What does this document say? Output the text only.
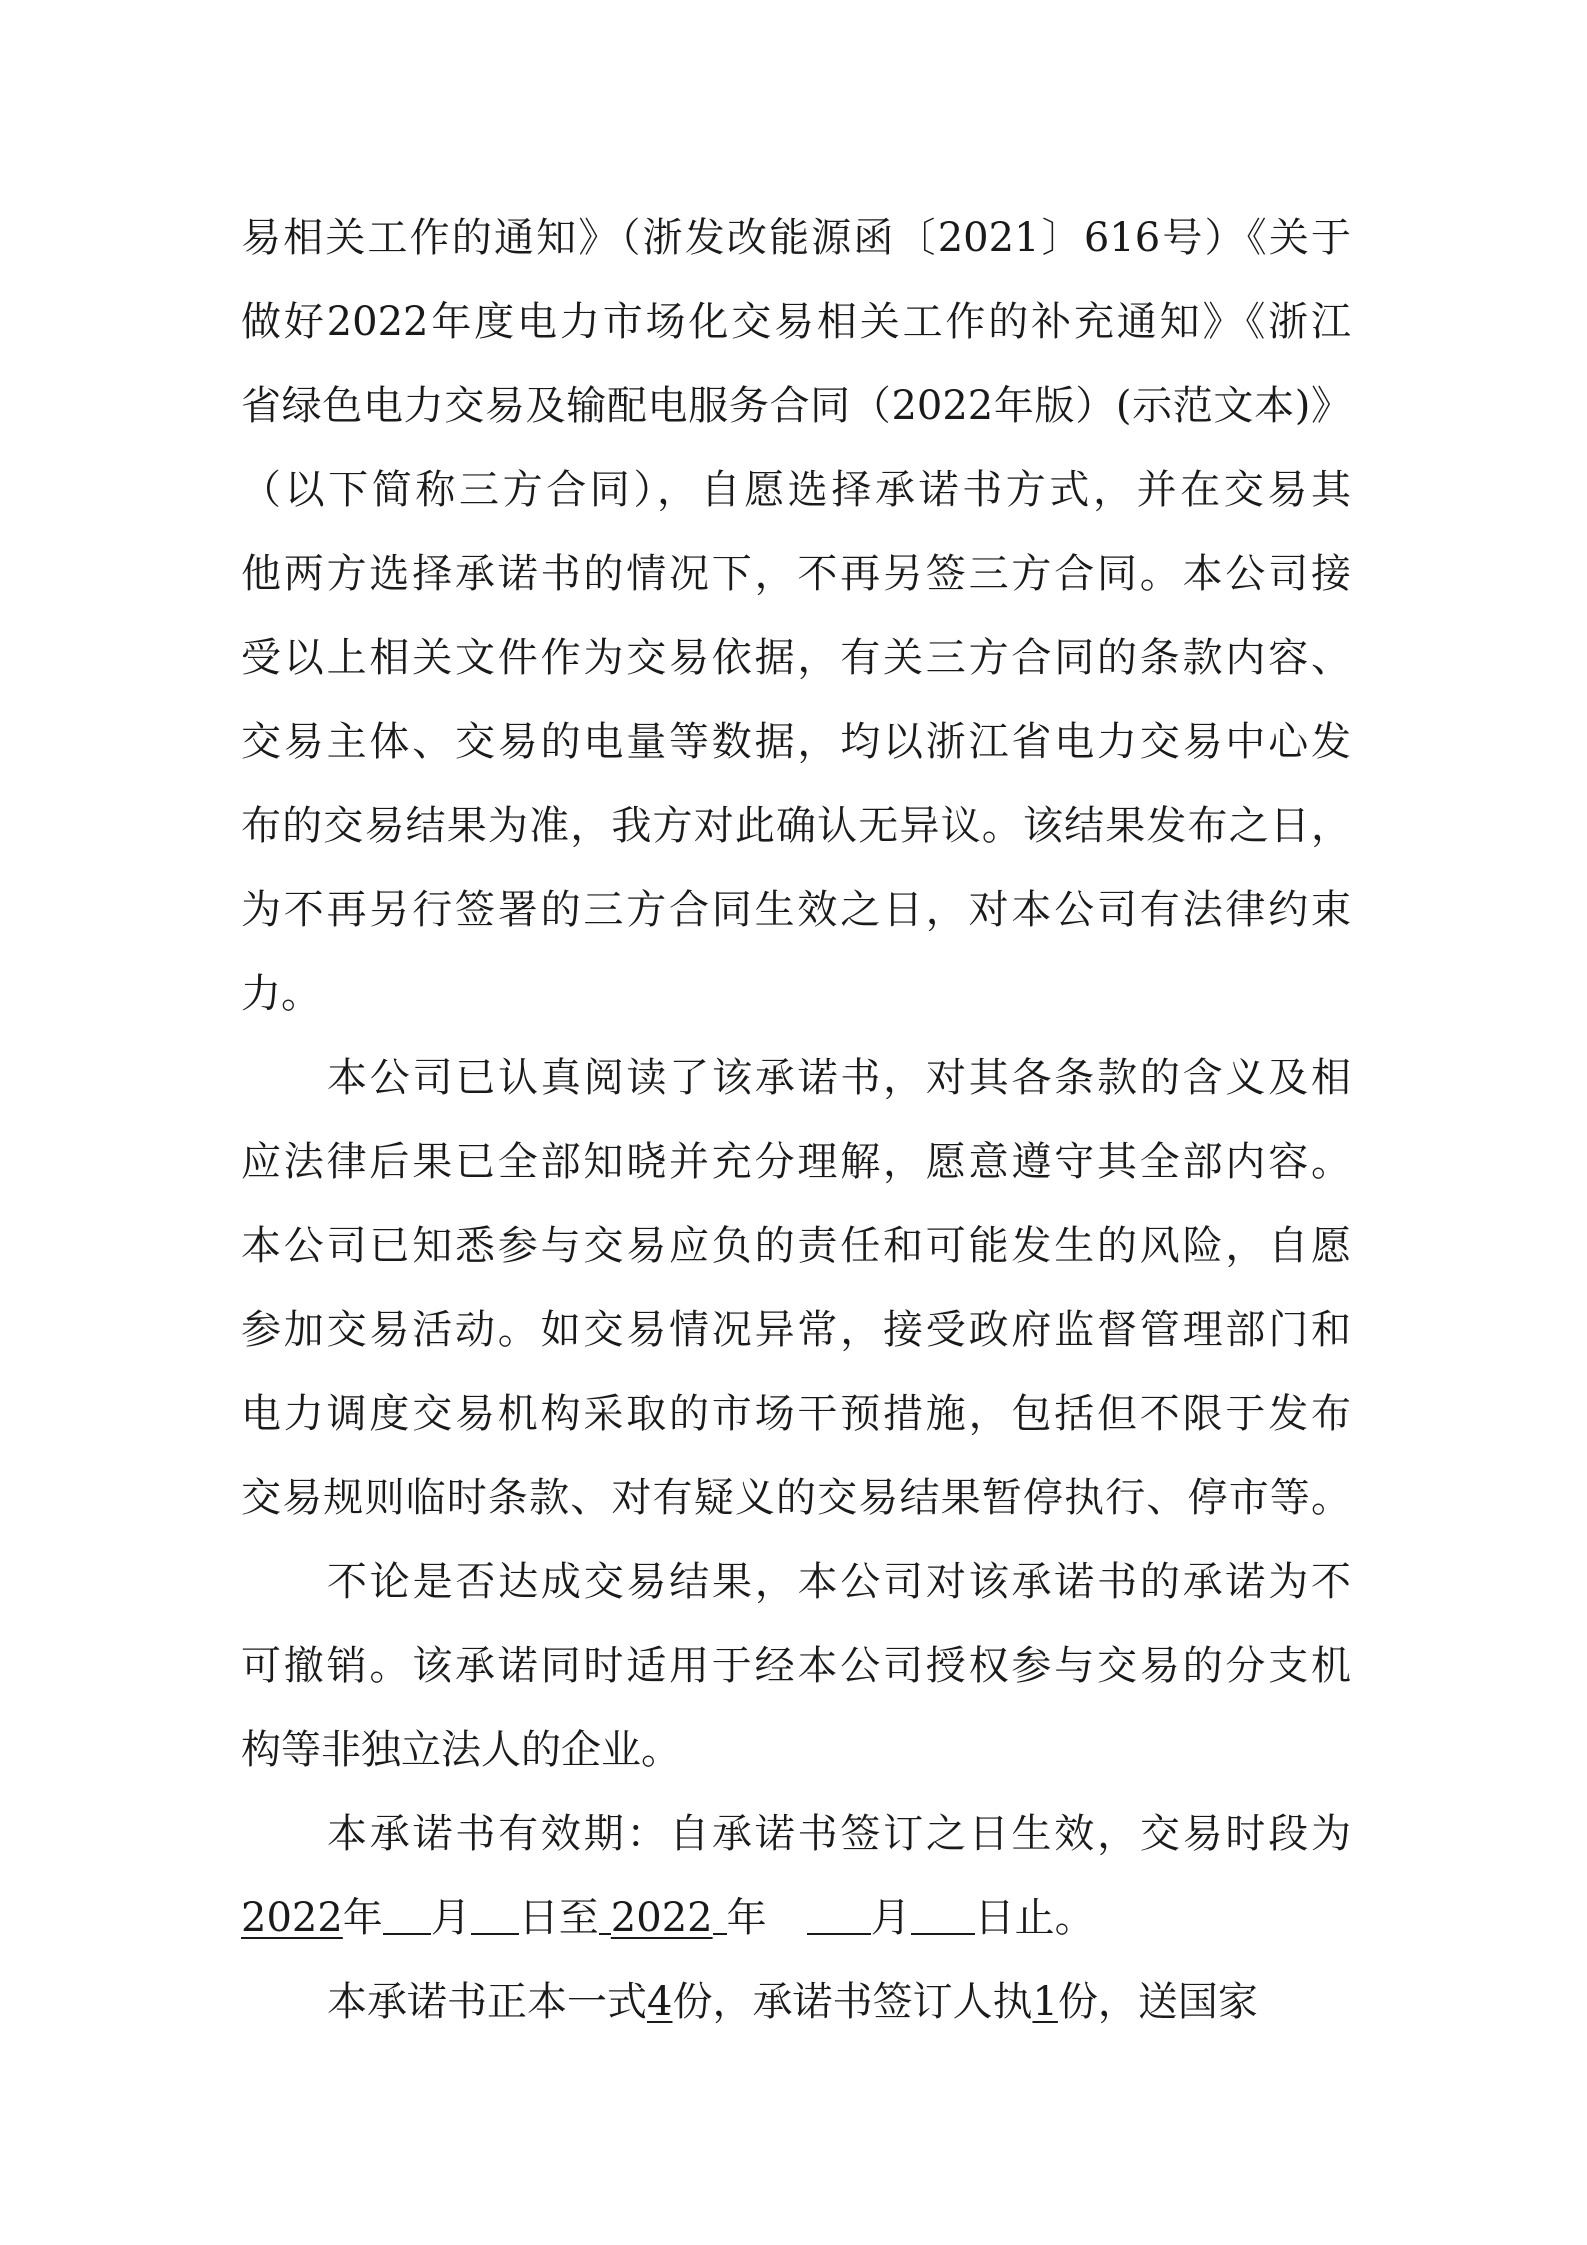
易相关工作的通知》（浙发改能源函〔2021〕616号）《关于
做好2022年度电力市场化交易相关工作的补充通知》《浙江
省绿色电力交易及输配电服务合同（2022年版）(示范文本)》
（以下简称三方合同），自愿选择承诺书方式，并在交易其
他两方选择承诺书的情况下，不再另签三方合同。本公司接
受以上相关文件作为交易依据，有关三方合同的条款内容、
交易主体、交易的电量等数据，均以浙江省电力交易中心发
布的交易结果为准，我方对此确认无异议。该结果发布之日，
为不再另行签署的三方合同生效之日，对本公司有法律约束
力。
本公司已认真阅读了该承诺书，对其各条款的含义及相
应法律后果已全部知晓并充分理解，愿意遵守其全部内容。
本公司已知悉参与交易应负的责任和可能发生的风险，自愿
参加交易活动。如交易情况异常，接受政府监督管理部门和
电力调度交易机构采取的市场干预措施，包括但不限于发布
交易规则临时条款、对有疑义的交易结果暂停执行、停市等。
不论是否达成交易结果，本公司对该承诺书的承诺为不
可撤销。该承诺同时适用于经本公司授权参与交易的分支机
构等非独立法人的企业。
本承诺书有效期：自承诺书签订之日生效，交易时段为
2022年 月 日至 2022 年	月 日止。
本承诺书正本一式4份，承诺书签订人执1份，送国家
